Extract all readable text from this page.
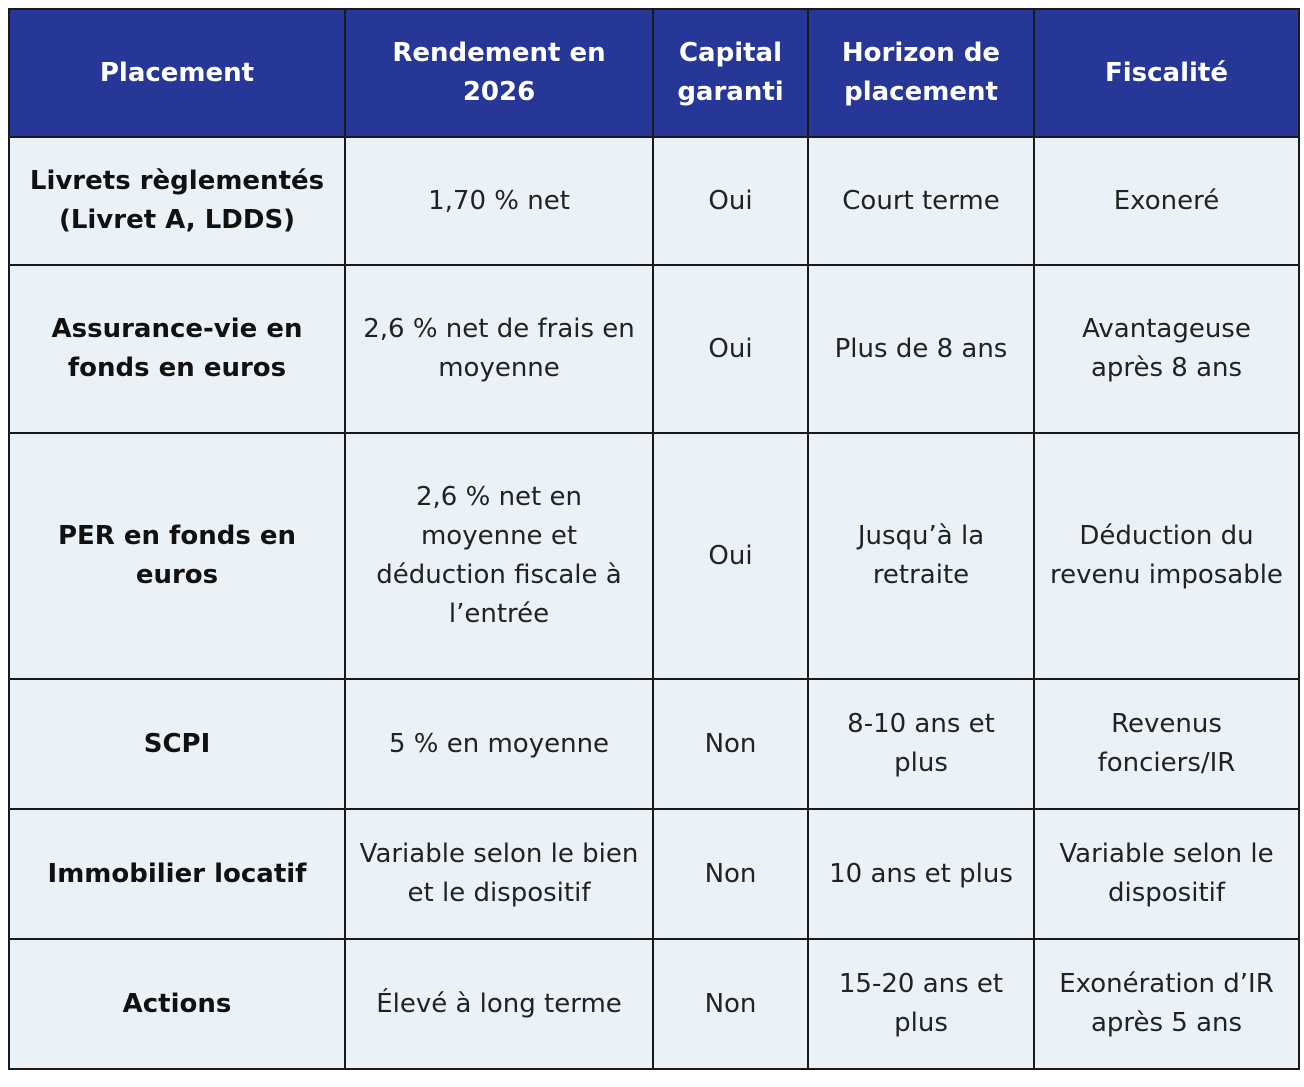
Placement	Rendement en 2026	Capital garanti	Horizon de placement	Fiscalité
Livrets règlementés (Livret A, LDDS)	1,70 % net	Oui	Court terme	Exoneré
Assurance-vie en fonds en euros	2,6 % net de frais en moyenne	Oui	Plus de 8 ans	Avantageuse après 8 ans
PER en fonds en euros	2,6 % net en moyenne et déduction fiscale à l’entrée	Oui	Jusqu’à la retraite	Déduction du revenu imposable
SCPI	5 % en moyenne	Non	8-10 ans et plus	Revenus fonciers/IR
Immobilier locatif	Variable selon le bien et le dispositif	Non	10 ans et plus	Variable selon le dispositif
Actions	Élevé à long terme	Non	15-20 ans et plus	Exonération d’IR après 5 ans
